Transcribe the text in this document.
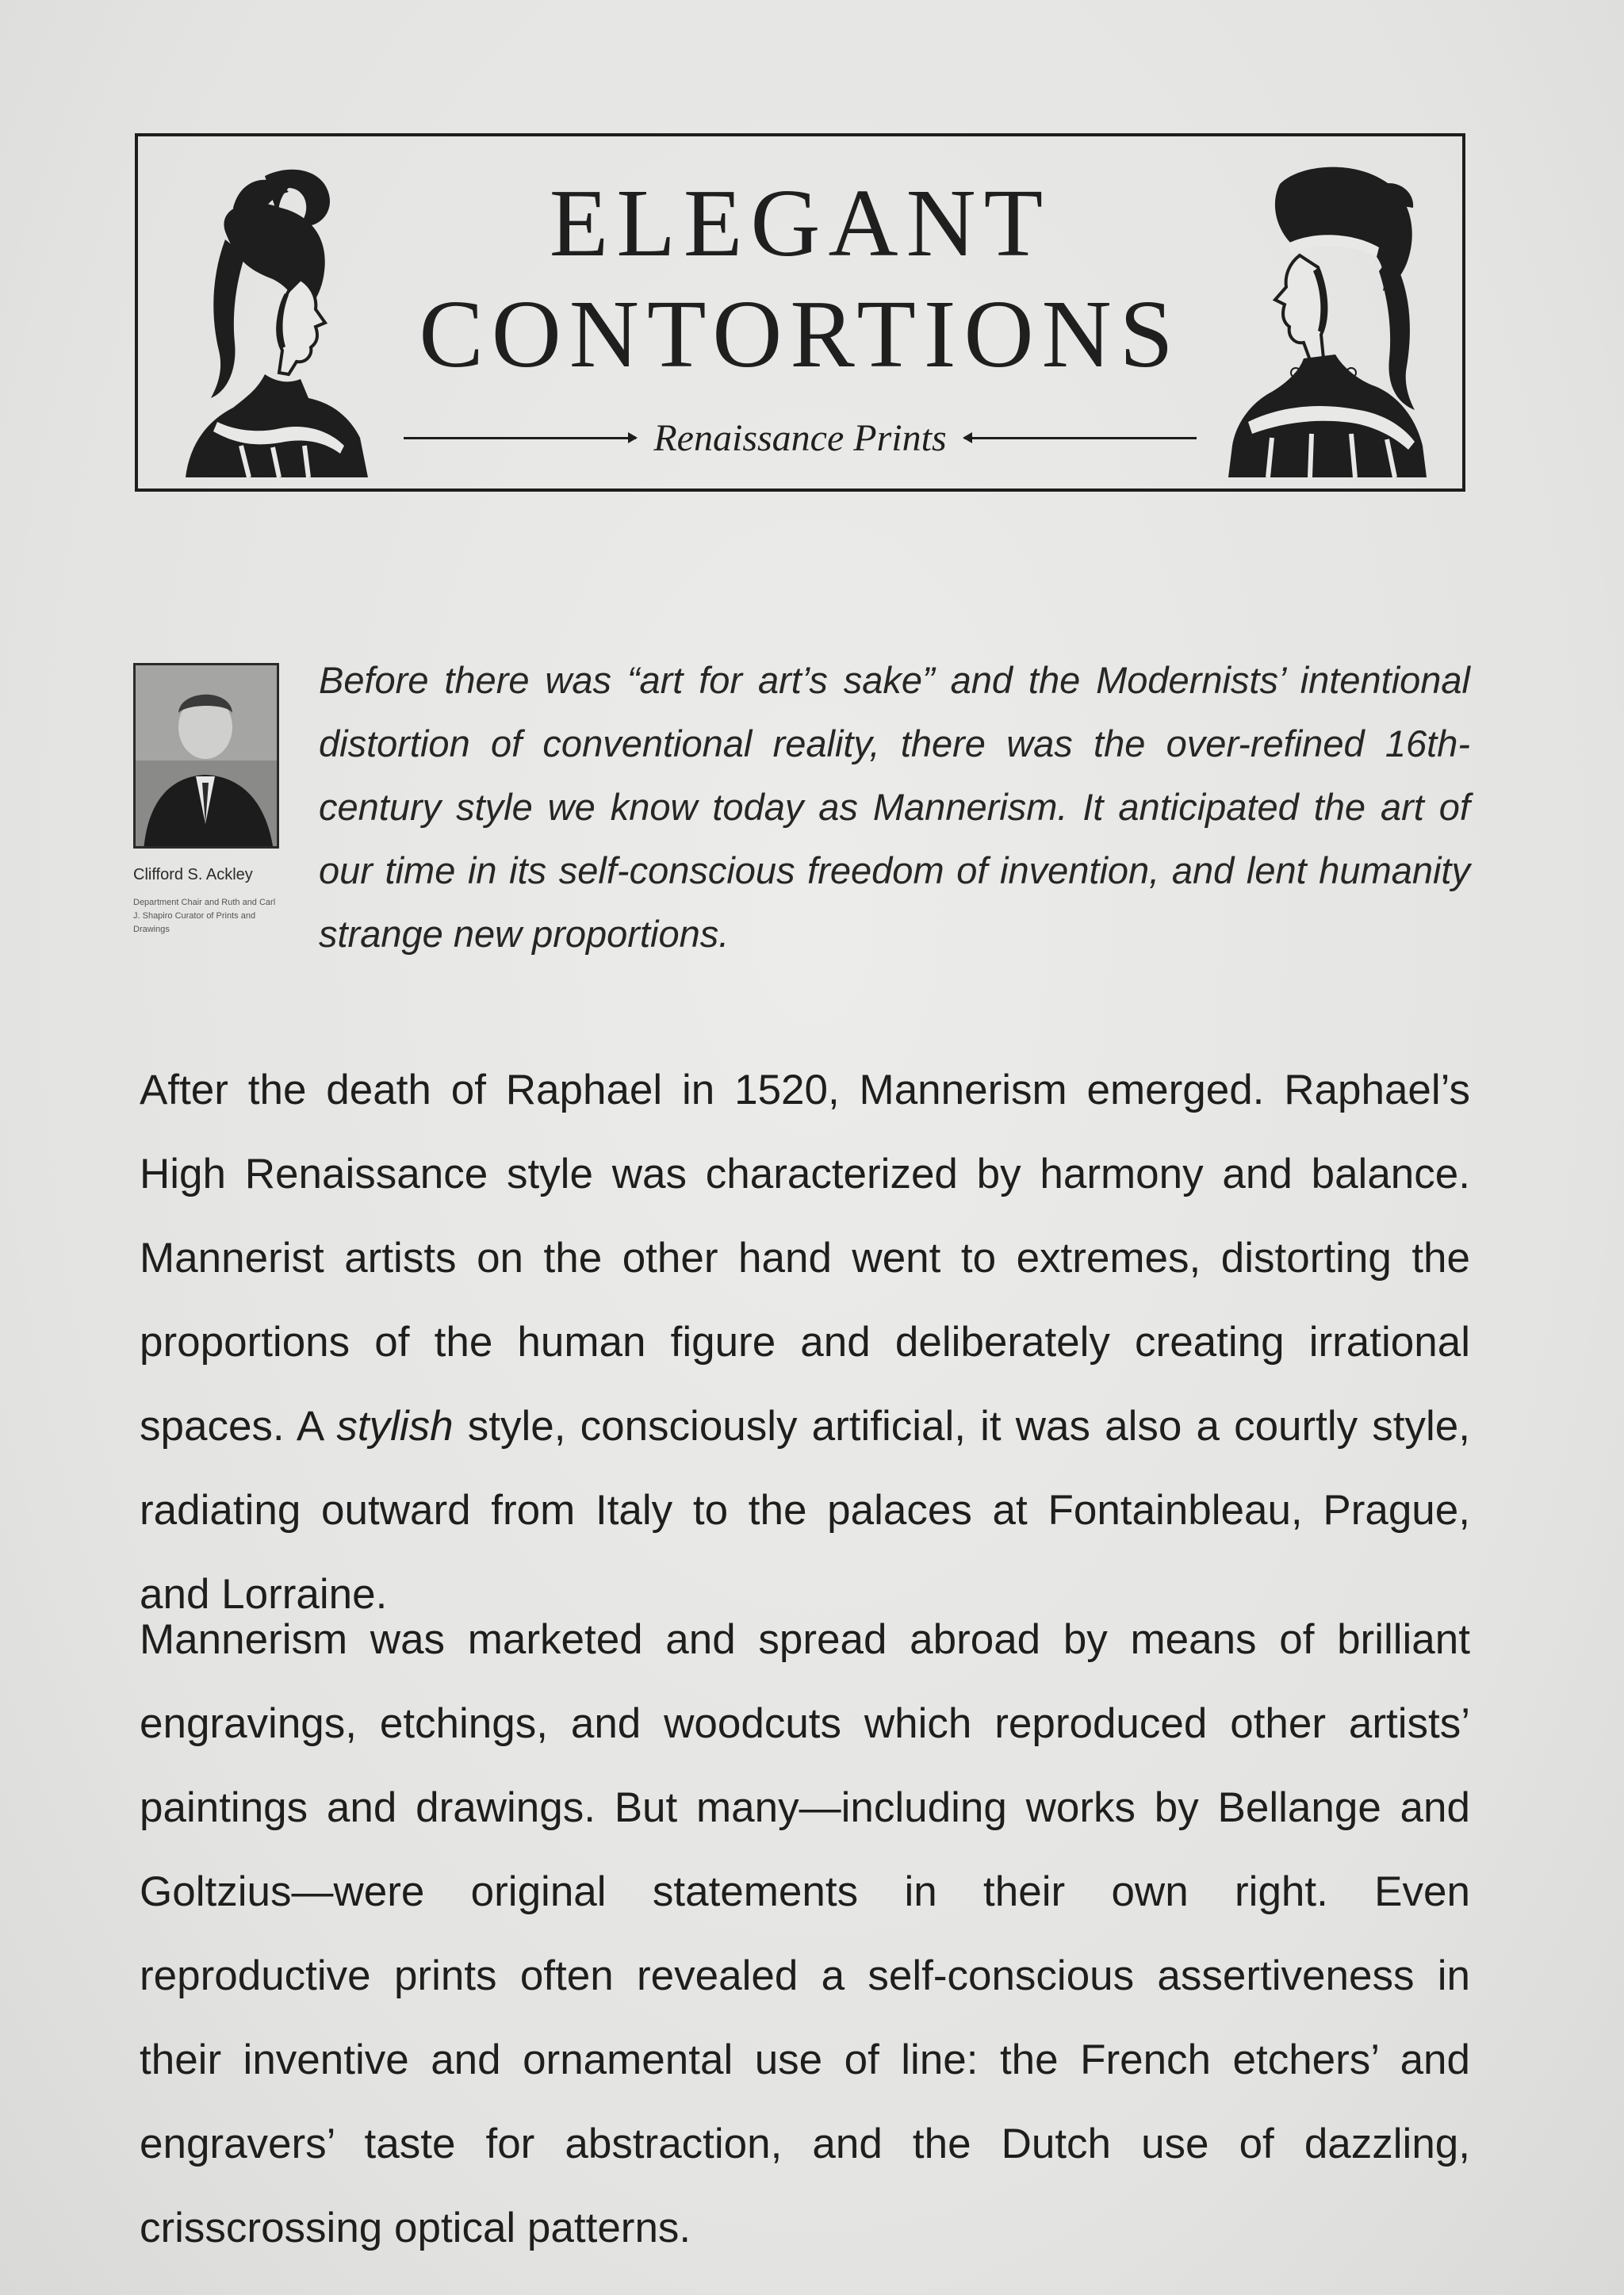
ELEGANT
CONTORTIONS
Renaissance Prints
Clifford S. Ackley
Department Chair and Ruth and Carl J. Shapiro Curator of Prints and Drawings
Before there was “art for art’s sake” and the Modernists’ intentional distortion of conventional reality, there was the over-refined 16th-century style we know today as Mannerism. It anticipated the art of our time in its self-conscious freedom of invention, and lent humanity strange new proportions.
After the death of Raphael in 1520, Mannerism emerged. Raphael’s High Renaissance style was characterized by harmony and balance. Mannerist artists on the other hand went to extremes, distorting the proportions of the human figure and deliberately creating irrational spaces. A stylish style, consciously artificial, it was also a courtly style, radiating outward from Italy to the palaces at Fontainbleau, Prague, and Lorraine.
Mannerism was marketed and spread abroad by means of brilliant engravings, etchings, and woodcuts which reproduced other artists’ paintings and drawings. But many—including works by Bellange and Goltzius—were original statements in their own right. Even reproductive prints often revealed a self-conscious assertiveness in their inventive and ornamental use of line: the French etchers’ and engravers’ taste for abstraction, and the Dutch use of dazzling, crisscrossing optical patterns.
